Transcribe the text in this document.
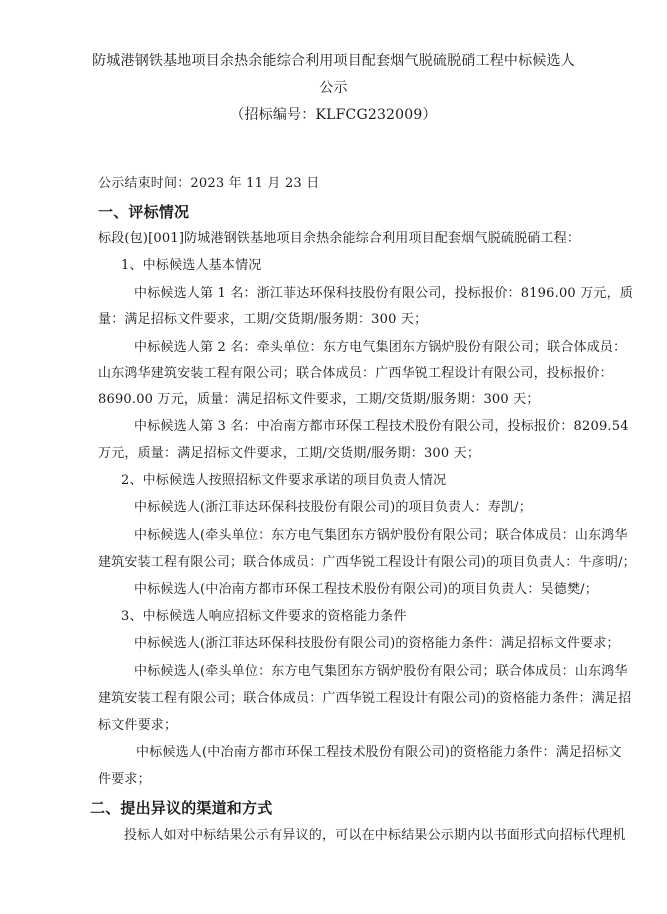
防城港钢铁基地项目余热余能综合利用项目配套烟气脱硫脱硝工程中标候选人
公示
（招标编号：KLFCG232009）
公示结束时间：2023 年 11 月 23 日
一、评标情况
标段(包)[001]防城港钢铁基地项目余热余能综合利用项目配套烟气脱硫脱硝工程：
1、中标候选人基本情况
中标候选人第 1 名：浙江菲达环保科技股份有限公司，投标报价：8196.00 万元，质
量：满足招标文件要求，工期/交货期/服务期：300 天；
中标候选人第 2 名：牵头单位：东方电气集团东方锅炉股份有限公司；联合体成员：
山东鸿华建筑安装工程有限公司；联合体成员：广西华锐工程设计有限公司，投标报价：
8690.00 万元，质量：满足招标文件要求，工期/交货期/服务期：300 天；
中标候选人第 3 名：中冶南方都市环保工程技术股份有限公司，投标报价：8209.54
万元，质量：满足招标文件要求，工期/交货期/服务期：300 天；
2、中标候选人按照招标文件要求承诺的项目负责人情况
中标候选人(浙江菲达环保科技股份有限公司)的项目负责人：寿凯/；
中标候选人(牵头单位：东方电气集团东方锅炉股份有限公司；联合体成员：山东鸿华
建筑安装工程有限公司；联合体成员：广西华锐工程设计有限公司)的项目负责人：牛彦明/；
中标候选人(中冶南方都市环保工程技术股份有限公司)的项目负责人：吴德樊/；
3、中标候选人响应招标文件要求的资格能力条件
中标候选人(浙江菲达环保科技股份有限公司)的资格能力条件：满足招标文件要求；
中标候选人(牵头单位：东方电气集团东方锅炉股份有限公司；联合体成员：山东鸿华
建筑安装工程有限公司；联合体成员：广西华锐工程设计有限公司)的资格能力条件：满足招
标文件要求；
中标候选人(中冶南方都市环保工程技术股份有限公司)的资格能力条件：满足招标文
件要求；
二、提出异议的渠道和方式
投标人如对中标结果公示有异议的，可以在中标结果公示期内以书面形式向招标代理机
